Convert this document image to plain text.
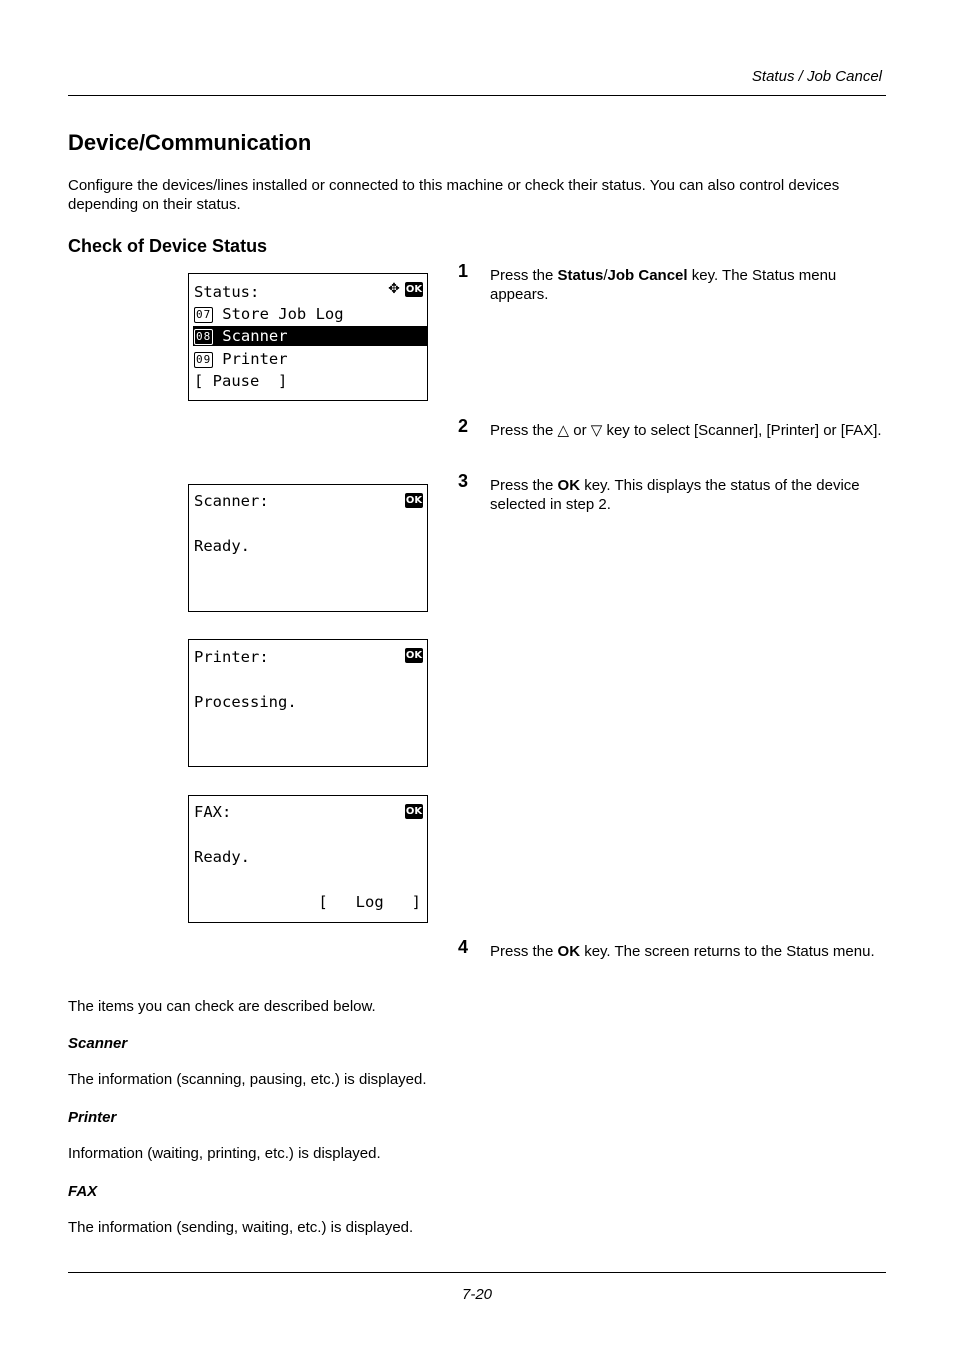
Status / Job Cancel
Device/Communication
Configure the devices/lines installed or connected to this machine or check their status. You can also control devices depending on their status.
Check of Device Status
Status:	✥ OK
07 Store Job Log
08 Scanner
09 Printer
[ Pause  ]
Scanner:	OK
Ready.
Printer:	OK
Processing.
FAX:	OK
Ready.
[   Log   ]
1 Press the Status/Job Cancel key. The Status menu appears.
2 Press the △ or ▽ key to select [Scanner], [Printer] or [FAX].
3 Press the OK key. This displays the status of the device selected in step 2.
4 Press the OK key. The screen returns to the Status menu.
The items you can check are described below.
Scanner
The information (scanning, pausing, etc.) is displayed.
Printer
Information (waiting, printing, etc.) is displayed.
FAX
The information (sending, waiting, etc.) is displayed.
7-20
